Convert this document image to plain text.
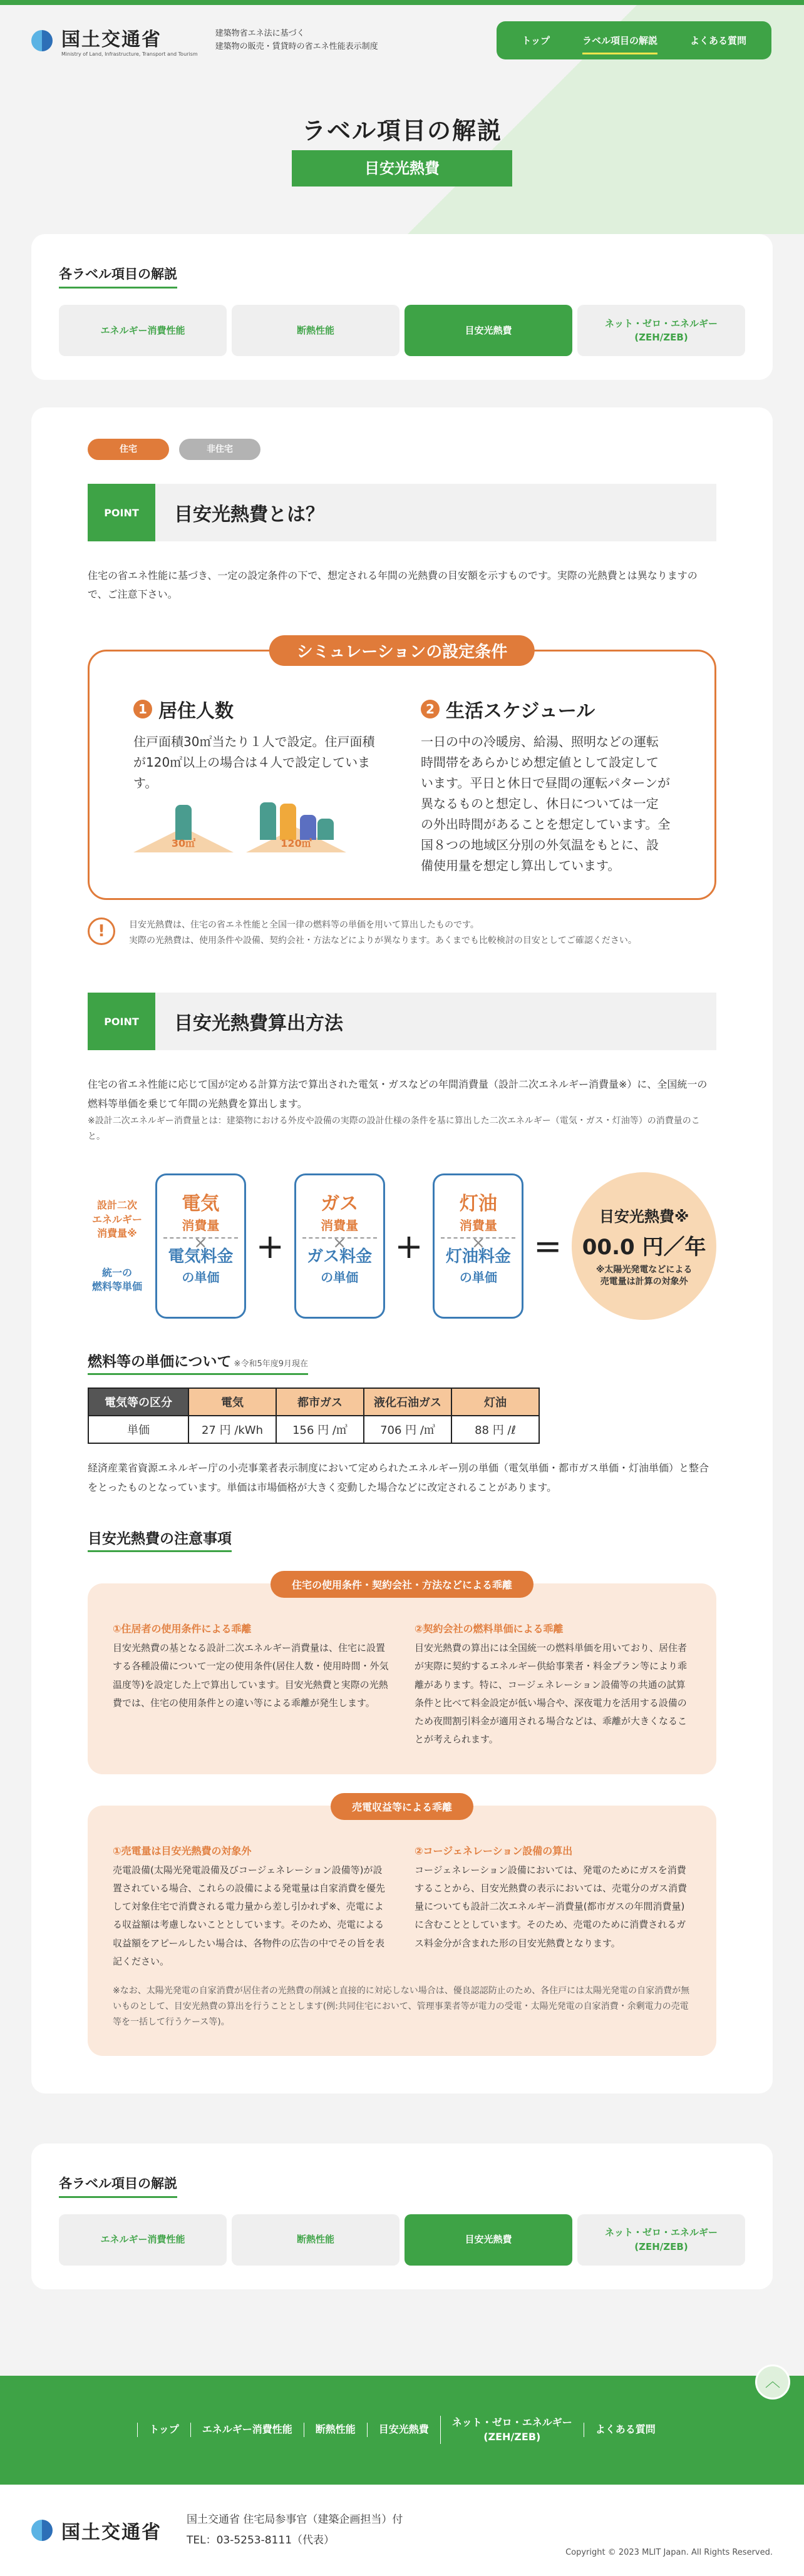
国土交通省
Ministry of Land, Infrastructure, Transport and Tourism
建築物省エネ法に基づく
建築物の販売・賃貸時の省エネ性能表示制度	トップ	ラベル項目の解説	よくある質問
ラベル項目の解説
目安光熱費
各ラベル項目の解説
エネルギー消費性能	断熱性能	目安光熱費
ネット・ゼロ・エネルギー
(ZEH/ZEB)
住宅	非住宅
POINT	目安光熱費とは？

住宅の省エネ性能に基づき、一定の設定条件の下で、想定される年間の光熱費の目安額を示すものです。実際の光熱費とは異なりますので、ご注意下さい。

シミュレーションの設定条件
1 居住人数

住戸面積30㎡当たり１人で設定。住戸面積が120㎡以上の場合は４人で設定しています。

30㎡	120㎡
2 生活スケジュール

一日の中の冷暖房、給湯、照明などの運転時間帯をあらかじめ想定値として設定しています。平日と休日で昼間の運転パターンが異なるものと想定し、休日については一定の外出時間があることを想定しています。全国８つの地域区分別の外気温をもとに、設備使用量を想定し算出しています。

!	目安光熱費は、住宅の省エネ性能と全国一律の燃料等の単価を用いて算出したものです。
実際の光熱費は、使用条件や設備、契約会社・方法などによりが異なります。あくまでも比較検討の目安としてご確認ください。
POINT	目安光熱費算出方法

住宅の省エネ性能に応じて国が定める計算方法で算出された電気・ガスなどの年間消費量（設計二次エネルギー消費量※）に、全国統一の燃料等単価を乗じて年間の光熱費を算出します。

※設計二次エネルギー消費量とは：建築物における外皮や設備の実際の設計仕様の条件を基に算出した二次エネルギー（電気・ガス・灯油等）の消費量のこと。

設計二次
エネルギー
消費量※
統一の
燃料等単価
電気
消費量
×
電気料金
の単価
+
ガス
消費量
×
ガス料金
の単価
+
灯油
消費量
×
灯油料金
の単価
=
目安光熱費※
00.0 円／年
※太陽光発電などによる
売電量は計算の対象外
燃料等の単価について ※令和5年度9月現在
電気等の区分	電気	都市ガス	液化石油ガス	灯油
単価	27 円 /kWh	156 円 /㎥	706 円 /㎥	88 円 /ℓ

経済産業省資源エネルギー庁の小売事業者表示制度において定められたエネルギー別の単価（電気単価・都市ガス単価・灯油単価）と整合をとったものとなっています。単価は市場価格が大きく変動した場合などに改定されることがあります。

目安光熱費の注意事項
住宅の使用条件・契約会社・方法などによる乖離
①住居者の使用条件による乖離

目安光熱費の基となる設計二次エネルギー消費量は、住宅に設置する各種設備について一定の使用条件(居住人数・使用時間・外気温度等)を設定した上で算出しています。目安光熱費と実際の光熱費では、住宅の使用条件との違い等による乖離が発生します。

②契約会社の燃料単価による乖離

目安光熱費の算出には全国統一の燃料単価を用いており、居住者が実際に契約するエネルギー供給事業者・料金プラン等により乖離があります。特に、コージェネレーション設備等の共通の試算条件と比べて料金設定が低い場合や、深夜電力を活用する設備のため夜間割引料金が適用される場合などは、乖離が大きくなることが考えられます。

売電収益等による乖離
①売電量は目安光熱費の対象外

売電設備(太陽光発電設備及びコージェネレーション設備等)が設置されている場合、これらの設備による発電量は自家消費を優先して対象住宅で消費される電力量から差し引かれず※、売電による収益額は考慮しないこととしています。そのため、売電による収益額をアピールしたい場合は、各物件の広告の中でその旨を表記ください。

②コージェネレーション設備の算出

コージェネレーション設備においては、発電のためにガスを消費することから、目安光熱費の表示においては、売電分のガス消費量についても設計二次エネルギー消費量(都市ガスの年間消費量)に含むこととしています。そのため、売電のために消費されるガス料金分が含まれた形の目安光熱費となります。

※なお、太陽光発電の自家消費が居住者の光熱費の削減と直接的に対応しない場合は、優良認認防止のため、各住戸には太陽光発電の自家消費が無いものとして、目安光熱費の算出を行うこととします(例:共同住宅において、管理事業者等が電力の受電・太陽光発電の自家消費・余剰電力の売電等を一括して行うケース等)。

各ラベル項目の解説
エネルギー消費性能	断熱性能	目安光熱費
ネット・ゼロ・エネルギー
(ZEH/ZEB)
︿
トップ	エネルギー消費性能	断熱性能	目安光熱費
ネット・ゼロ・エネルギー
(ZEH/ZEB)
よくある質問
国土交通省
国土交通省 住宅局参事官（建築企画担当）付
TEL：03-5253-8111（代表）
Copyright © 2023 MLIT Japan. All Rights Reserved.
